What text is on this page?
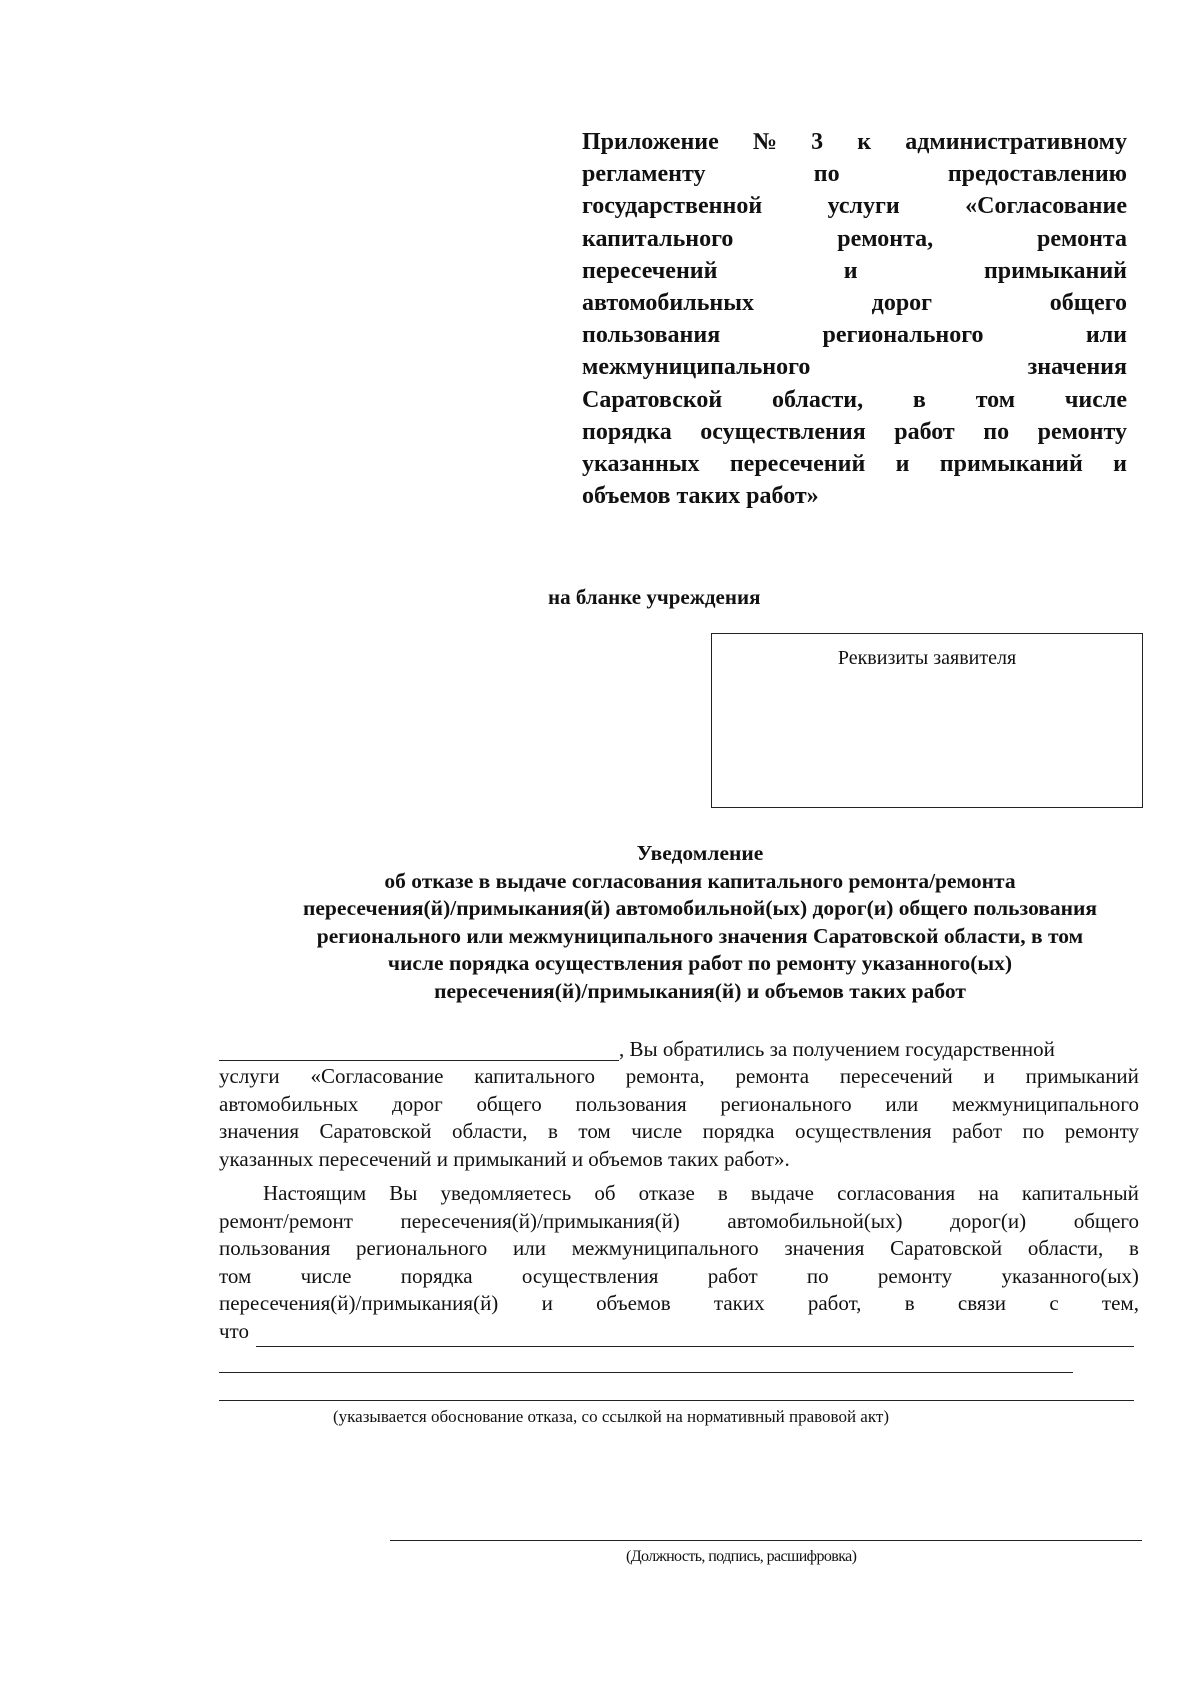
Приложение № 3 к административному
регламенту	по	предоставлению
государственной	услуги	«Согласование
капитального	ремонта,	ремонта
пересечений	и	примыканий
автомобильных	дорог	общего
пользования	регионального	или
межмуниципального	значения
Саратовской области, в том числе
порядка осуществления работ по ремонту
указанных пересечений и примыканий и
объемов таких работ»
на бланке учреждения
Реквизиты заявителя
Уведомление
об отказе в выдаче согласования капитального ремонта/ремонта
пересечения(й)/примыкания(й) автомобильной(ых) дорог(и) общего пользования
регионального или межмуниципального значения Саратовской области, в том
числе порядка осуществления работ по ремонту указанного(ых)
пересечения(й)/примыкания(й) и объемов таких работ
, Вы обратились за получением государственной
услуги «Согласование капитального ремонта, ремонта пересечений и примыканий
автомобильных дорог общего пользования регионального или межмуниципального
значения Саратовской области, в том числе порядка осуществления работ по ремонту
указанных пересечений и примыканий и объемов таких работ».
Настоящим Вы уведомляетесь об отказе в выдаче согласования на капитальный
ремонт/ремонт пересечения(й)/примыкания(й) автомобильной(ых) дорог(и) общего
пользования регионального или межмуниципального значения Саратовской области, в
том числе порядка осуществления работ по ремонту указанного(ых)
пересечения(й)/примыкания(й) и объемов таких работ, в связи с тем,
что
(указывается обоснование отказа, со ссылкой на нормативный правовой акт)
(Должность, подпись, расшифровка)
